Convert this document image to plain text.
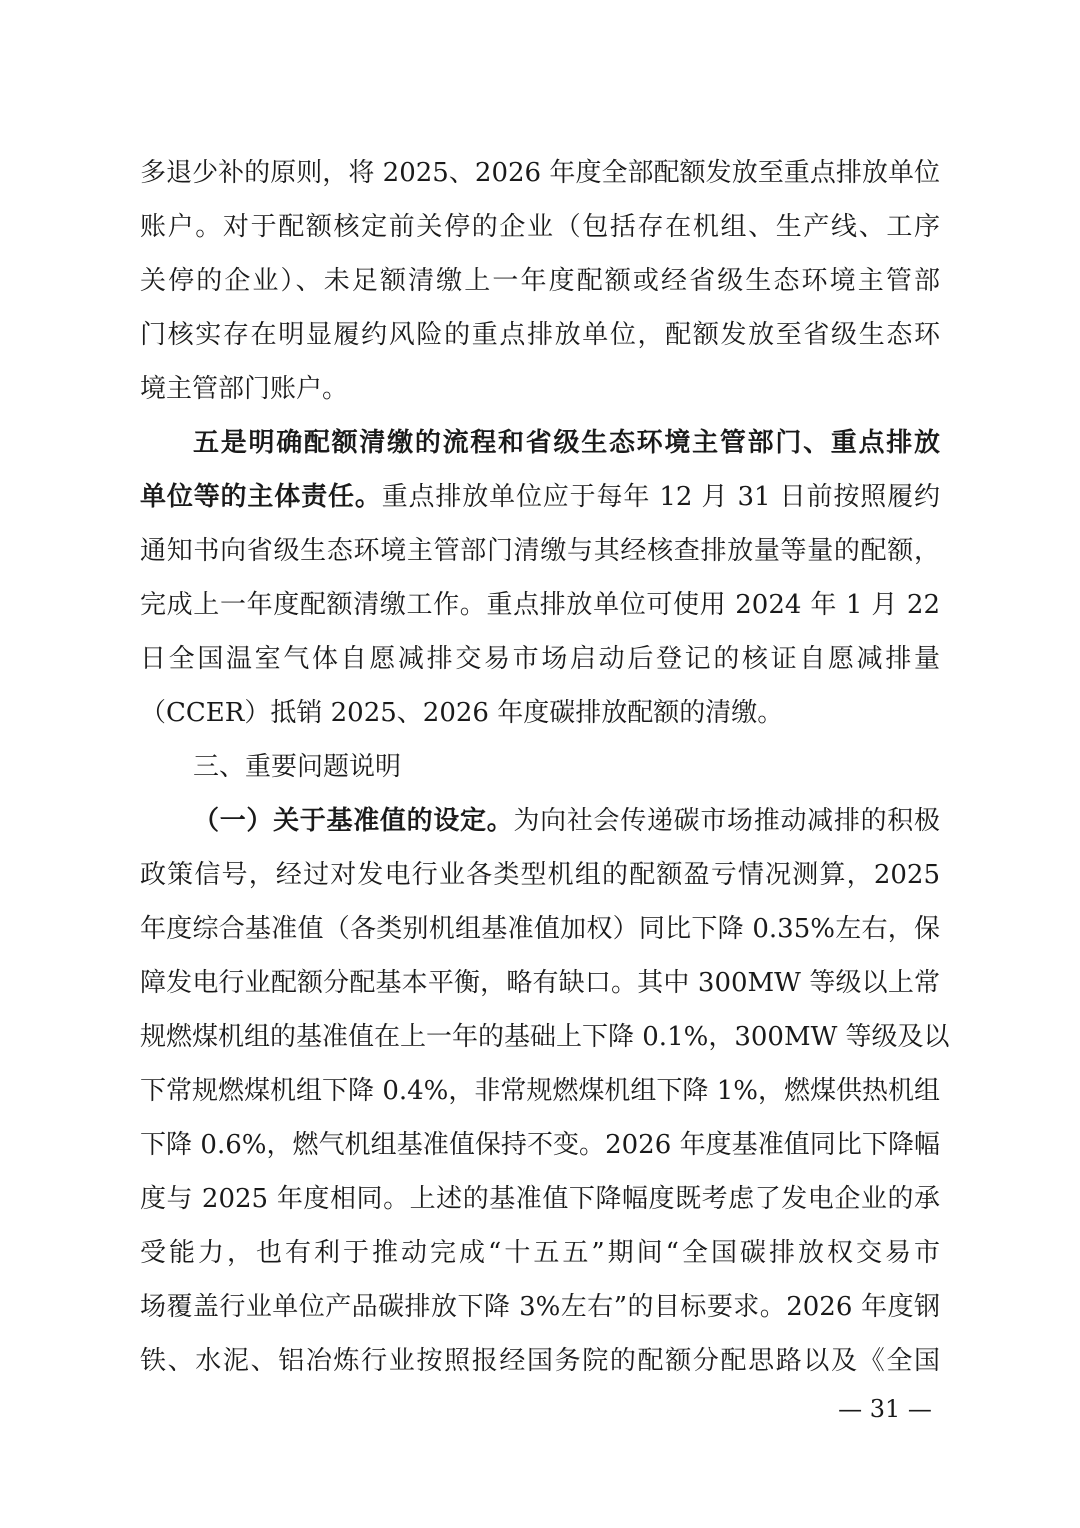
多退少补的原则，将 2025、2026 年度全部配额发放至重点排放单位
账户。对于配额核定前关停的企业（包括存在机组、生产线、工序
关停的企业）、未足额清缴上一年度配额或经省级生态环境主管部
门核实存在明显履约风险的重点排放单位，配额发放至省级生态环
境主管部门账户。
五是明确配额清缴的流程和省级生态环境主管部门、重点排放
单位等的主体责任。重点排放单位应于每年 12 月 31 日前按照履约
通知书向省级生态环境主管部门清缴与其经核查排放量等量的配额，
完成上一年度配额清缴工作。重点排放单位可使用 2024 年 1 月 22
日全国温室气体自愿减排交易市场启动后登记的核证自愿减排量
（CCER）抵销 2025、2026 年度碳排放配额的清缴。
三、重要问题说明
（一）关于基准值的设定。为向社会传递碳市场推动减排的积极
政策信号，经过对发电行业各类型机组的配额盈亏情况测算，2025
年度综合基准值（各类别机组基准值加权）同比下降 0.35%左右，保
障发电行业配额分配基本平衡，略有缺口。其中 300MW 等级以上常
规燃煤机组的基准值在上一年的基础上下降 0.1%，300MW 等级及以
下常规燃煤机组下降 0.4%，非常规燃煤机组下降 1%，燃煤供热机组
下降 0.6%，燃气机组基准值保持不变。2026 年度基准值同比下降幅
度与 2025 年度相同。上述的基准值下降幅度既考虑了发电企业的承
受能力，也有利于推动完成“十五五”期间“全国碳排放权交易市
场覆盖行业单位产品碳排放下降 3%左右”的目标要求。2026 年度钢
铁、水泥、铝冶炼行业按照报经国务院的配额分配思路以及《全国
— 31 —
